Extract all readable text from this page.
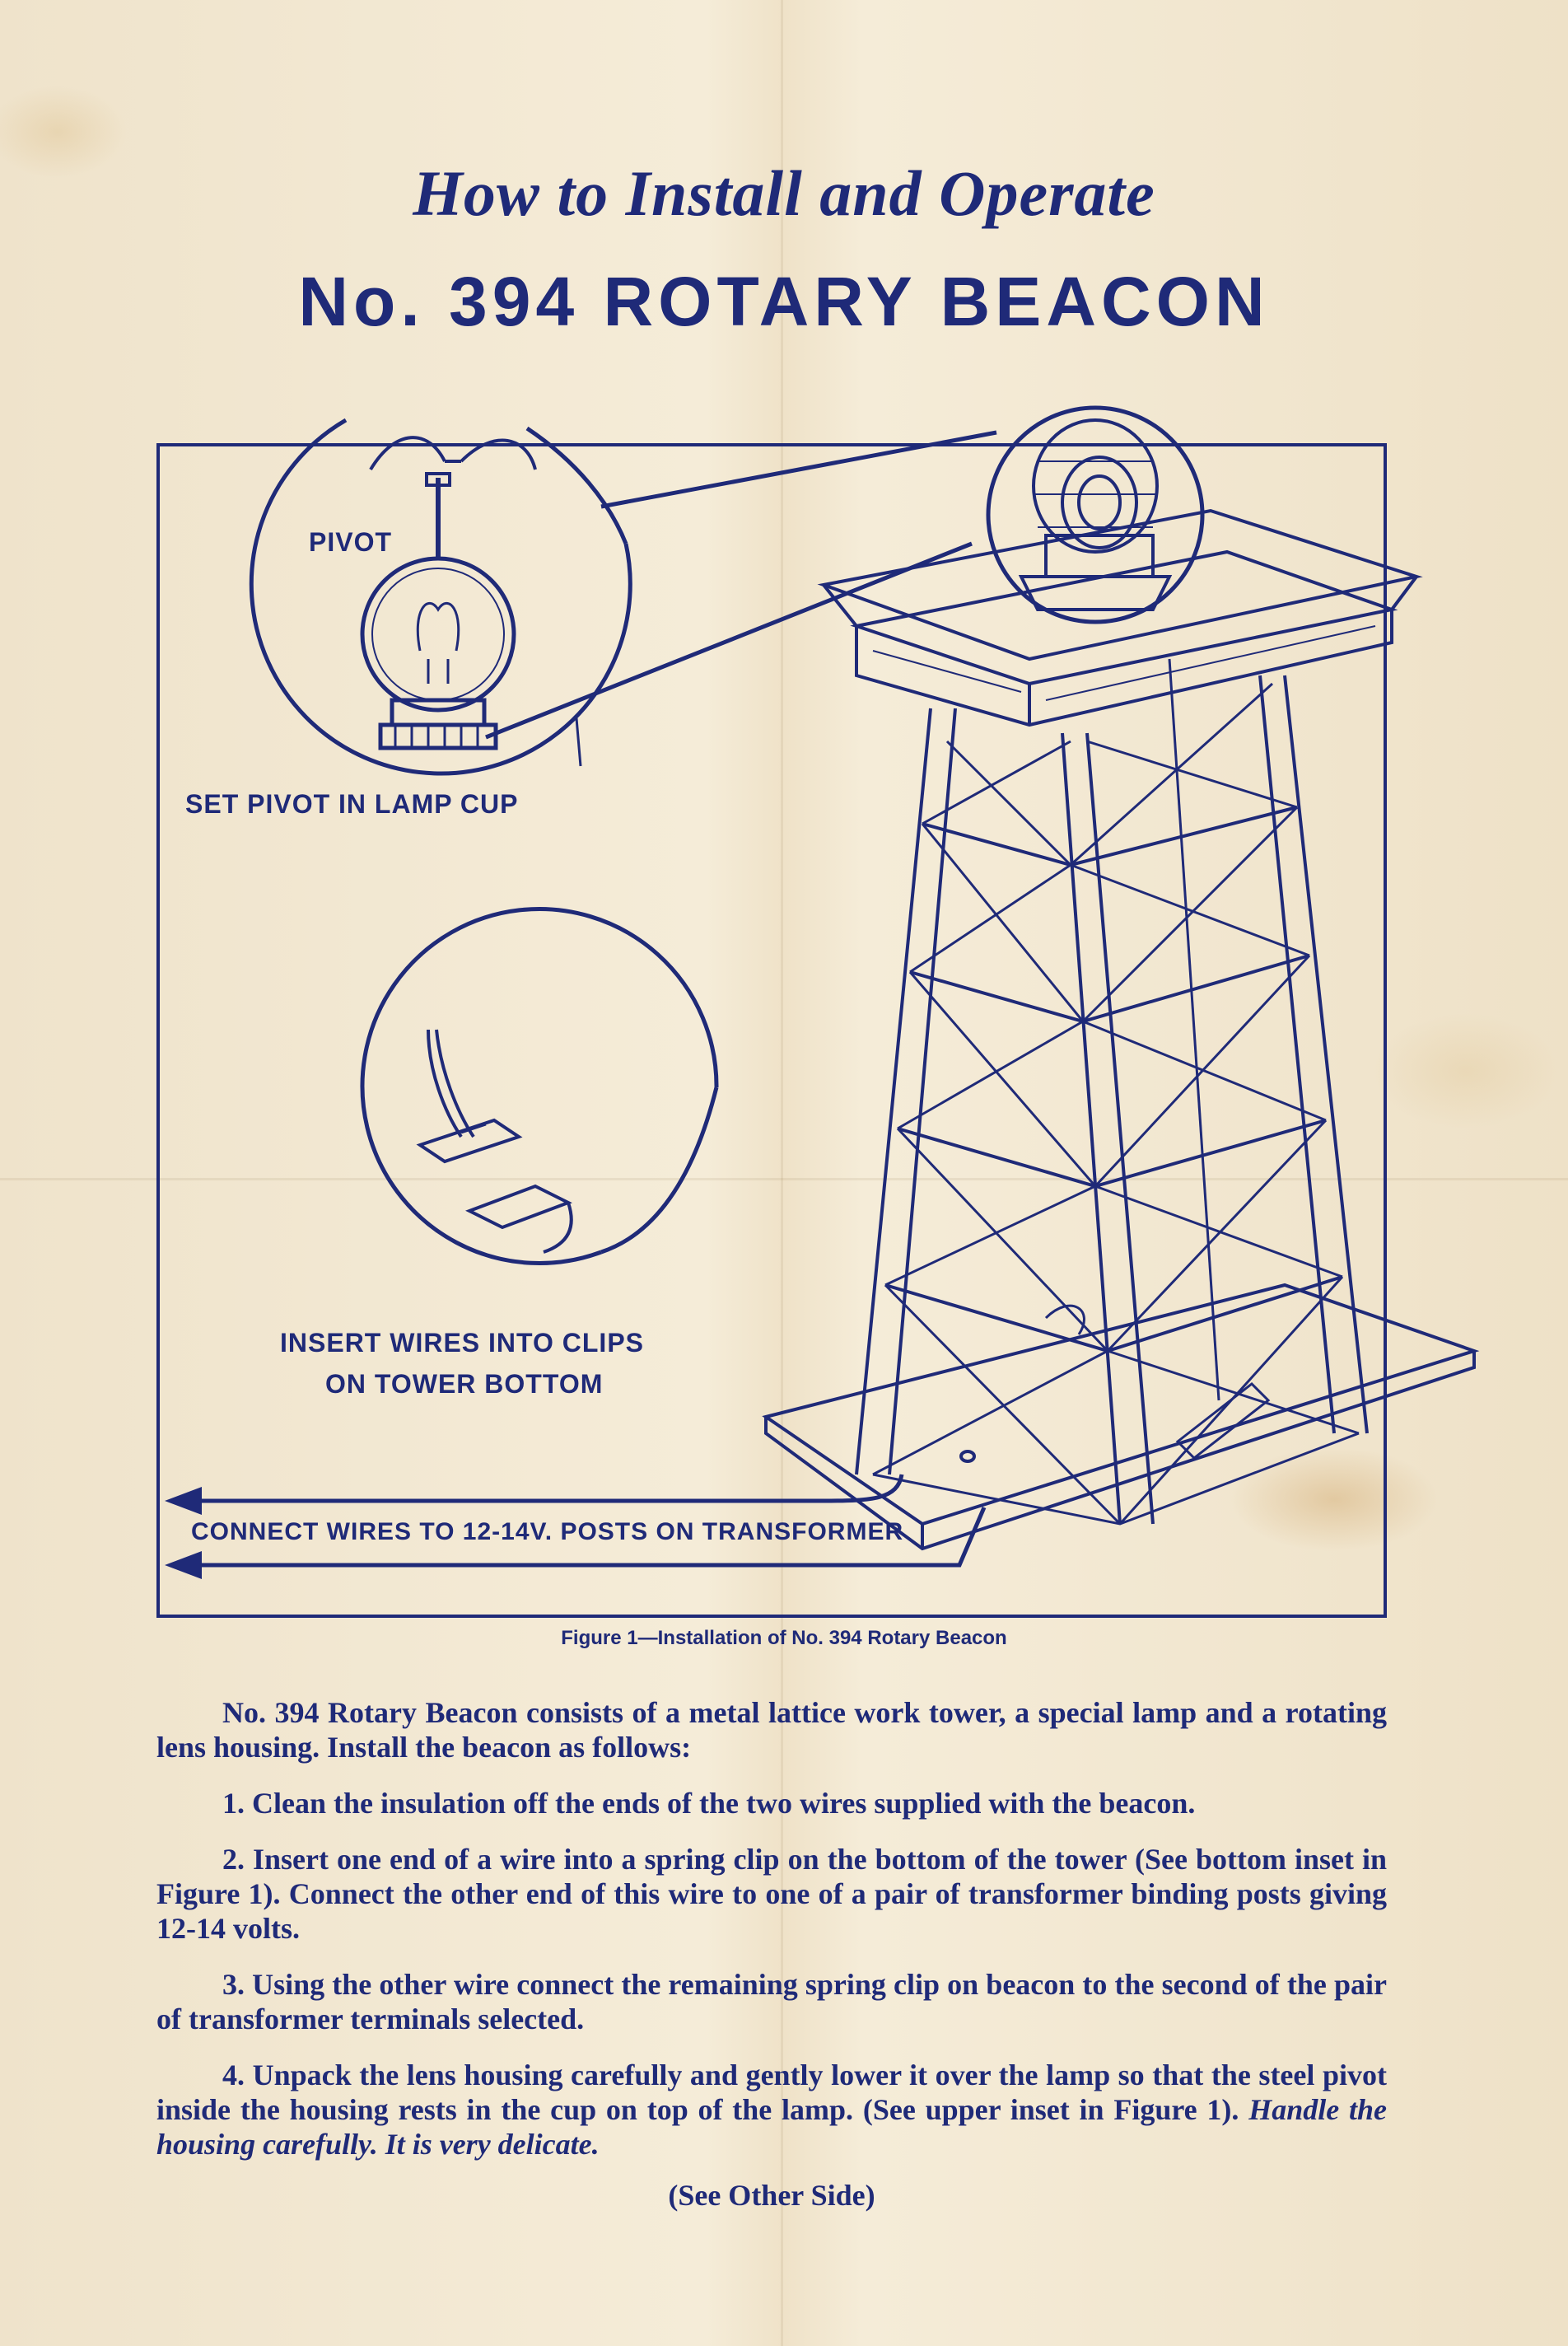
How to Install and Operate
No. 394 ROTARY BEACON
PIVOT
SET PIVOT IN LAMP CUP
INSERT WIRES INTO CLIPS
ON TOWER BOTTOM
CONNECT WIRES TO 12-14V. POSTS ON TRANSFORMER
Figure 1—Installation of No. 394 Rotary Beacon

No. 394 Rotary Beacon consists of a metal lattice work tower, a special lamp and a rotating lens housing. Install the beacon as follows:

1. Clean the insulation off the ends of the two wires supplied with the beacon.

2. Insert one end of a wire into a spring clip on the bottom of the tower (See bottom inset in Figure 1). Connect the other end of this wire to one of a pair of transformer binding posts giving 12-14 volts.

3. Using the other wire connect the remaining spring clip on beacon to the second of the pair of transformer terminals selected.

4. Unpack the lens housing carefully and gently lower it over the lamp so that the steel pivot inside the housing rests in the cup on top of the lamp. (See upper inset in Figure 1). Handle the housing carefully. It is very delicate.

(See Other Side)
